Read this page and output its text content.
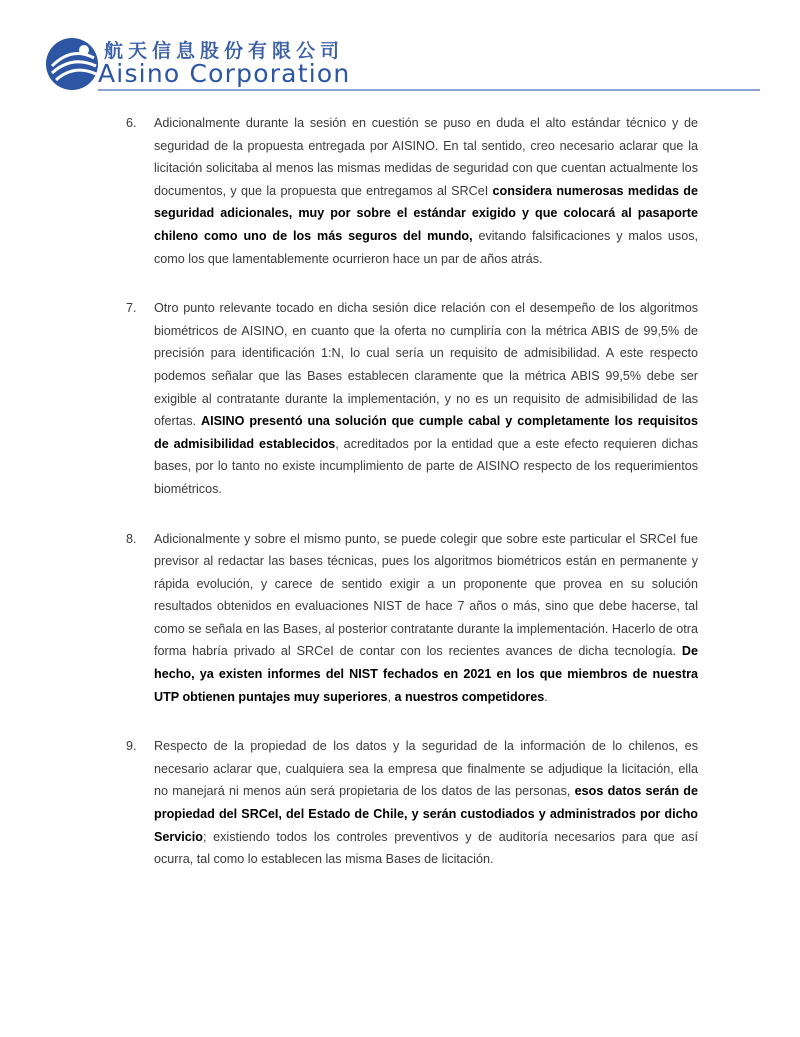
航天信息股份有限公司
Aisino Corporation
6. Adicionalmente durante la sesión en cuestión se puso en duda el alto estándar técnico y de seguridad de la propuesta entregada por AISINO. En tal sentido, creo necesario aclarar que la licitación solicitaba al menos las mismas medidas de seguridad con que cuentan actualmente los documentos, y que la propuesta que entregamos al SRCeI considera numerosas medidas de seguridad adicionales, muy por sobre el estándar exigido y que colocará al pasaporte chileno como uno de los más seguros del mundo, evitando falsificaciones y malos usos, como los que lamentablemente ocurrieron hace un par de años atrás.
7. Otro punto relevante tocado en dicha sesión dice relación con el desempeño de los algoritmos biométricos de AISINO, en cuanto que la oferta no cumpliría con la métrica ABIS de 99,5% de precisión para identificación 1:N, lo cual sería un requisito de admisibilidad. A este respecto podemos señalar que las Bases establecen claramente que la métrica ABIS 99,5% debe ser exigible al contratante durante la implementación, y no es un requisito de admisibilidad de las ofertas. AISINO presentó una solución que cumple cabal y completamente los requisitos de admisibilidad establecidos, acreditados por la entidad que a este efecto requieren dichas bases, por lo tanto no existe incumplimiento de parte de AISINO respecto de los requerimientos biométricos.
8. Adicionalmente y sobre el mismo punto, se puede colegir que sobre este particular el SRCeI fue previsor al redactar las bases técnicas, pues los algoritmos biométricos están en permanente y rápida evolución, y carece de sentido exigir a un proponente que provea en su solución resultados obtenidos en evaluaciones NIST de hace 7 años o más, sino que debe hacerse, tal como se señala en las Bases, al posterior contratante durante la implementación. Hacerlo de otra forma habría privado al SRCeI de contar con los recientes avances de dicha tecnología. De hecho, ya existen informes del NIST fechados en 2021 en los que miembros de nuestra UTP obtienen puntajes muy superiores, a nuestros competidores.
9. Respecto de la propiedad de los datos y la seguridad de la información de lo chilenos, es necesario aclarar que, cualquiera sea la empresa que finalmente se adjudique la licitación, ella no manejará ni menos aún será propietaria de los datos de las personas, esos datos serán de propiedad del SRCeI, del Estado de Chile, y serán custodiados y administrados por dicho Servicio; existiendo todos los controles preventivos y de auditoría necesarios para que así ocurra, tal como lo establecen las misma Bases de licitación.
